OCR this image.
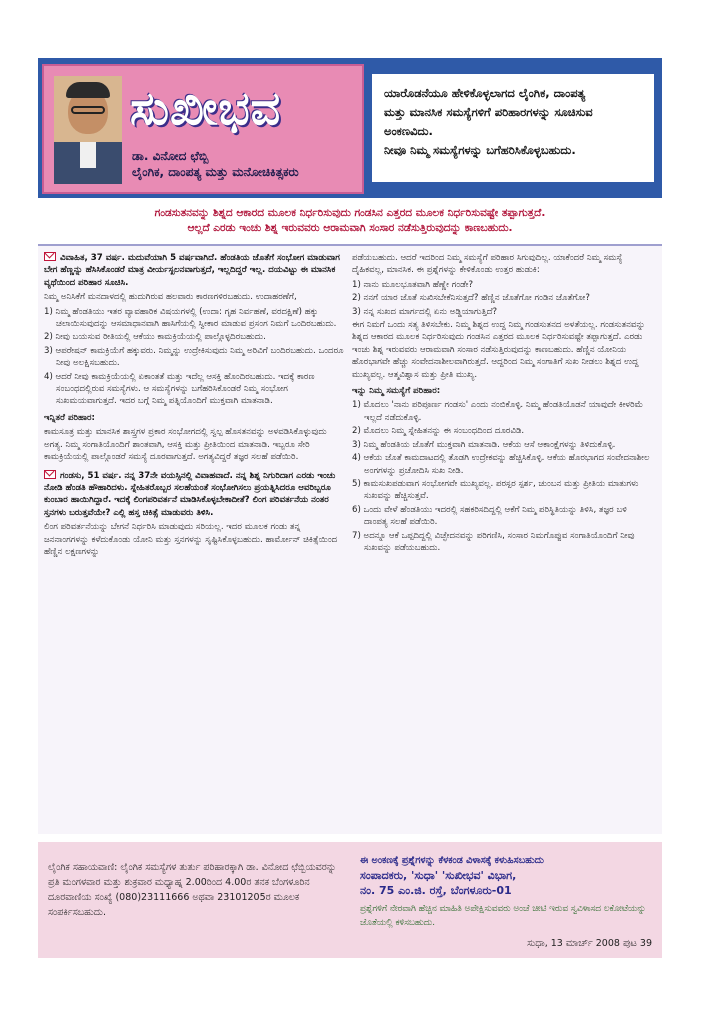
ಸುಖೀಭವ
ಡಾ. ವಿನೋದ ಛೆಬ್ಬಿ
ಲೈಂಗಿಕ, ದಾಂಪತ್ಯ ಮತ್ತು ಮನೋಚಿಕಿತ್ಸಕರು
ಯಾರೊಡನೆಯೂ ಹೇಳಿಕೊಳ್ಳಲಾಗದ ಲೈಂಗಿಕ, ದಾಂಪತ್ಯ
ಮತ್ತು ಮಾನಸಿಕ ಸಮಸ್ಯೆಗಳಿಗೆ ಪರಿಹಾರಗಳನ್ನು ಸೂಚಿಸುವ
ಅಂಕಣವಿದು.
ನೀವೂ ನಿಮ್ಮ ಸಮಸ್ಯೆಗಳನ್ನು ಬಗೆಹರಿಸಿಕೊಳ್ಳಬಹುದು.
ಗಂಡಸುತನವನ್ನು ಶಿಶ್ನದ ಆಕಾರದ ಮೂಲಕ ನಿರ್ಧರಿಸುವುದು ಗಂಡಸಿನ ಎತ್ತರದ ಮೂಲಕ ನಿರ್ಧರಿಸುವಷ್ಟೇ ತಪ್ಪಾಗುತ್ತದೆ.
ಆಲ್ಲದೆ ಎರಡು ಇಂಚು ಶಿಶ್ನ ಇರುವವರು ಆರಾಮವಾಗಿ ಸಂಸಾರ ನಡೆಸುತ್ತಿರುವುದನ್ನು ಕಾಣಬಹುದು.
ವಿವಾಹಿತ, 37 ವರ್ಷ. ಮದುವೆಯಾಗಿ 5 ವರ್ಷವಾಗಿದೆ. ಹೆಂಡತಿಯ ಜೊತೆಗೆ ಸಂಭೋಗ ಮಾಡುವಾಗ ಬೇಗ ಹೆಣ್ಣನ್ನು ಹೆಸಿಸಿಕೊಂಡರೆ ಮಾತ್ರ ವೀರ್ಯಸ್ಖಲನವಾಗುತ್ತದೆ, ಇಲ್ಲದಿದ್ದರೆ ಇಲ್ಲ. ದಯವಿಟ್ಟು ಈ ಮಾನಸಿಕ ವ್ಯಥೆಯಿಂದ ಪರಿಹಾರ ಸೂಚಿಸಿ.
ನಿಮ್ಮ ಅನಿಸಿಕೆಗೆ ಮನದಾಳದಲ್ಲಿ ಹುದುಗಿರುವ ಹಲವಾರು ಕಾರಣಗಳಿರಬಹುದು. ಉದಾಹರಣೆಗೆ,
1) ನಿಮ್ಮ ಹೆಂಡತಿಯು ಇತರ ವ್ಯಾವಹಾರಿಕ ವಿಷಯಗಳಲ್ಲಿ (ಉದಾ: ಗೃಹ ನಿರ್ವಹಣೆ, ವರದಕ್ಷಿಣೆ) ಹಕ್ಕು ಚಲಾಯಿಸುವುದನ್ನು ಆಸಮಾಧಾನವಾಗಿ ಹಾಸಿಗೆಯಲ್ಲಿ ಸ್ವೀಕಾರ ಮಾಡುವ ಪ್ರಸಂಗ ನಿಮಗೆ ಒಂದಿರಬಹುದು.
2) ನೀವು ಬಯಸುವ ರೀತಿಯಲ್ಲಿ ಆಕೆಯು ಕಾಮಕ್ರಿಯೆಯಲ್ಲಿ ಪಾಲ್ಗೊಳ್ಳದಿರಬಹುದು.
3) ಆಪರೇಷನ್ ಕಾಮಕ್ರಿಯೆಗೆ ಹಕ್ಕುವರು. ನಿಮ್ಮನ್ನು ಉದ್ರೇಕಿಸುವುದು ನಿಮ್ಮ ಅರಿವಿಗೆ ಬಂದಿರಬಹುದು. ಒಂದರೂ ನೀವು ಅಲಕ್ಷಿಸಬಹುದು.
4) ಆದರೆ ನೀವು ಕಾಮಕ್ರಿಯೆಯಲ್ಲಿ ಏಕಾಂತತೆ ಮತ್ತು ಇದೆಲ್ಲ ಆಸಕ್ತಿ ಹೊಂದಿರಬಹುದು. ಇದಕ್ಕೆ ಕಾರಣ ಸಂಬಂಧದಲ್ಲಿರುವ ಸಮಸ್ಯೆಗಳು. ಆ ಸಮಸ್ಯೆಗಳನ್ನು ಬಗೆಹರಿಸಿಕೊಂಡರೆ ನಿಮ್ಮ ಸಂಭೋಗ ಸುಖಮಯವಾಗುತ್ತದೆ. ಇದರ ಬಗ್ಗೆ ನಿಮ್ಮ ಪತ್ನಿಯೊಂದಿಗೆ ಮುಕ್ತವಾಗಿ ಮಾತನಾಡಿ.
ಇನ್ನಿತರೆ ಪರಿಹಾರ:
ಕಾಮಸೂತ್ರ ಮತ್ತು ಮಾನಸಿಕ ಶಾಸ್ತ್ರಗಳ ಪ್ರಕಾರ ಸಂಭೋಗದಲ್ಲಿ ಸ್ವಲ್ಪ ಹೊಸತನವನ್ನು ಅಳವಡಿಸಿಕೊಳ್ಳುವುದು ಅಗತ್ಯ. ನಿಮ್ಮ ಸಂಗಾತಿಯೊಂದಿಗೆ ಶಾಂತವಾಗಿ, ಆಸಕ್ತಿ ಮತ್ತು ಪ್ರೀತಿಯಿಂದ ಮಾತನಾಡಿ. ಇಬ್ಬರೂ ಸೇರಿ ಕಾಮಕ್ರಿಯೆಯಲ್ಲಿ ಪಾಲ್ಗೊಂಡರೆ ಸಮಸ್ಯೆ ದೂರವಾಗುತ್ತದೆ. ಅಗತ್ಯವಿದ್ದರೆ ತಜ್ಞರ ಸಲಹೆ ಪಡೆಯಿರಿ.
ಗಂಡಸು, 51 ವರ್ಷ. ನನ್ನ 37ನೇ ವಯಸ್ಸಿನಲ್ಲಿ ವಿವಾಹವಾದೆ. ನನ್ನ ಶಿಶ್ನ ನಿಗುರಿದಾಗ ಎರಡು ಇಂಚು ನೋಡಿ ಹೆಂಡತಿ ಹೌಹಾರಿದಳು. ಸ್ನೇಹಿತರೊಬ್ಬರ ಸಲಹೆಯಂತೆ ಸಂಭೋಗಿಸಲು ಪ್ರಯತ್ನಿಸಿದರೂ ಆವರಿಬ್ಬರೂ ಕುಂಬಾರ ಹಾಯಿಗಿದ್ದಾರೆ. ಇದಕ್ಕೆ ಲಿಂಗಪರಿವರ್ತನೆ ಮಾಡಿಸಿಕೊಳ್ಳಬೇಕಾದೀತೆ? ಲಿಂಗ ಪರಿವರ್ತನೆಯ ನಂತರ ಸ್ತನಗಳು ಬರುತ್ತವೆಯೇ? ಎಲ್ಲಿ ಹಸ್ತ ಚಿಕಿತ್ಸೆ ಮಾಡುವರು ತಿಳಿಸಿ.
ಲಿಂಗ ಪರಿವರ್ತನೆಯನ್ನು ಬೇಗನೆ ನಿರ್ಧರಿಸಿ ಮಾಡುವುದು ಸರಿಯಲ್ಲ. ಇದರ ಮೂಲಕ ಗಂಡು ತನ್ನ ಜನನಾಂಗಗಳನ್ನು ಕಳೆದುಕೊಂಡು ಯೋನಿ ಮತ್ತು ಸ್ತನಗಳನ್ನು ಸೃಷ್ಟಿಸಿಕೊಳ್ಳಬಹುದು. ಹಾರ್ಮೋನ್ ಚಿಕಿತ್ಸೆಯಿಂದ ಹೆಣ್ಣಿನ ಲಕ್ಷಣಗಳನ್ನು
ಪಡೆಯಬಹುದು. ಆದರೆ ಇದರಿಂದ ನಿಮ್ಮ ಸಮಸ್ಯೆಗೆ ಪರಿಹಾರ ಸಿಗುವುದಿಲ್ಲ. ಯಾಕೆಂದರೆ ನಿಮ್ಮ ಸಮಸ್ಯೆ ದೈಹಿಕವಲ್ಲ, ಮಾನಸಿಕ. ಈ ಪ್ರಶ್ನೆಗಳನ್ನು ಕೇಳಿಕೊಂಡು ಉತ್ತರ ಹುಡುಕಿ:
1) ನಾನು ಮೂಲಭೂತವಾಗಿ ಹೆಣ್ಣೇ ಗಂಡೇ?
2) ನನಗೆ ಯಾರ ಜೊತೆ ಸುಖಿಸಬೇಕೆನಿಸುತ್ತದೆ? ಹೆಣ್ಣಿನ ಜೊತೆಗೋ ಗಂಡಿನ ಜೊತೆಗೋ?
3) ನನ್ನ ಸುಖದ ಮಾರ್ಗದಲ್ಲಿ ಏನು ಅಡ್ಡಿಯಾಗುತ್ತಿದೆ?
ಈಗ ನಿಮಗೆ ಒಂದು ಸತ್ಯ ತಿಳಿಸಬೇಕು. ನಿಮ್ಮ ಶಿಶ್ನದ ಉದ್ದ ನಿಮ್ಮ ಗಂಡಸುತನದ ಅಳತೆಯಲ್ಲ. ಗಂಡಸುತನವನ್ನು ಶಿಶ್ನದ ಆಕಾರದ ಮೂಲಕ ನಿರ್ಧರಿಸುವುದು ಗಂಡಸಿನ ಎತ್ತರದ ಮೂಲಕ ನಿರ್ಧರಿಸುವಷ್ಟೇ ತಪ್ಪಾಗುತ್ತದೆ. ಎರಡು ಇಂಚು ಶಿಶ್ನ ಇರುವವರು ಆರಾಮವಾಗಿ ಸಂಸಾರ ನಡೆಸುತ್ತಿರುವುದನ್ನು ಕಾಣಬಹುದು. ಹೆಣ್ಣಿನ ಯೋನಿಯ ಹೊರಭಾಗವೇ ಹೆಚ್ಚು ಸಂವೇದನಾಶೀಲವಾಗಿರುತ್ತದೆ. ಆದ್ದರಿಂದ ನಿಮ್ಮ ಸಂಗಾತಿಗೆ ಸುಖ ನೀಡಲು ಶಿಶ್ನದ ಉದ್ದ ಮುಖ್ಯವಲ್ಲ. ಆತ್ಮವಿಶ್ವಾಸ ಮತ್ತು ಪ್ರೀತಿ ಮುಖ್ಯ.
ಇನ್ನು ನಿಮ್ಮ ಸಮಸ್ಯೆಗೆ ಪರಿಹಾರ:
1) ಮೊದಲು 'ನಾನು ಪರಿಪೂರ್ಣ ಗಂಡಸು' ಎಂದು ನಂಬಿಕೊಳ್ಳಿ. ನಿಮ್ಮ ಹೆಂಡತಿಯೊಡನೆ ಯಾವುದೇ ಕೀಳರಿಮೆ ಇಲ್ಲದೆ ನಡೆದುಕೊಳ್ಳಿ.
2) ಮೊದಲು ನಿಮ್ಮ ಸ್ನೇಹಿತನನ್ನು ಈ ಸಂಬಂಧದಿಂದ ದೂರವಿಡಿ.
3) ನಿಮ್ಮ ಹೆಂಡತಿಯ ಜೊತೆಗೆ ಮುಕ್ತವಾಗಿ ಮಾತನಾಡಿ. ಆಕೆಯ ಆಸೆ ಆಕಾಂಕ್ಷೆಗಳನ್ನು ತಿಳಿದುಕೊಳ್ಳಿ.
4) ಆಕೆಯ ಜೊತೆ ಕಾಮದಾಟದಲ್ಲಿ ತೊಡಗಿ ಉದ್ರೇಕವನ್ನು ಹೆಚ್ಚಿಸಿಕೊಳ್ಳಿ. ಆಕೆಯ ಹೊರಭಾಗದ ಸಂವೇದನಾಶೀಲ ಅಂಗಗಳನ್ನು ಪ್ರಚೋದಿಸಿ ಸುಖ ನೀಡಿ.
5) ಕಾಮಸುಖಪಡುವಾಗ ಸಂಭೋಗವೇ ಮುಖ್ಯವಲ್ಲ. ಪರಸ್ಪರ ಸ್ಪರ್ಶ, ಚುಂಬನ ಮತ್ತು ಪ್ರೀತಿಯ ಮಾತುಗಳು ಸುಖವನ್ನು ಹೆಚ್ಚಿಸುತ್ತವೆ.
6) ಒಂದು ವೇಳೆ ಹೆಂಡತಿಯು ಇದರಲ್ಲಿ ಸಹಕರಿಸದಿದ್ದಲ್ಲಿ ಆಕೆಗೆ ನಿಮ್ಮ ಪರಿಸ್ಥಿತಿಯನ್ನು ತಿಳಿಸಿ, ತಜ್ಞರ ಬಳಿ ದಾಂಪತ್ಯ ಸಲಹೆ ಪಡೆಯಿರಿ.
7) ಅದನ್ನೂ ಆಕೆ ಒಪ್ಪದಿದ್ದಲ್ಲಿ ವಿಚ್ಛೇದನವನ್ನು ಪರಿಗಣಿಸಿ, ಸಂಸಾರ ನಿಮಗೊಪ್ಪುವ ಸಂಗಾತಿಯೊಂದಿಗೆ ನೀವು ಸುಖವನ್ನು ಪಡೆಯಬಹುದು.
ಲೈಂಗಿಕ ಸಹಾಯವಾಣಿ: ಲೈಂಗಿಕ ಸಮಸ್ಯೆಗಳ ತುರ್ತು ಪರಿಹಾರಕ್ಕಾಗಿ ಡಾ. ವಿನೋದ ಛೆಬ್ಬಿಯವರನ್ನು ಪ್ರತಿ ಮಂಗಳವಾರ ಮತ್ತು ಶುಕ್ರವಾರ ಮಧ್ಯಾಹ್ನ 2.00ರಿಂದ 4.00ರ ತನಕ ಬೆಂಗಳೂರಿನ ದೂರವಾಣಿಯ ಸಂಖ್ಯೆ (080)23111666 ಅಥವಾ 23101205ರ ಮೂಲಕ ಸಂಪರ್ಕಿಸಬಹುದು.
ಈ ಅಂಕಣಕ್ಕೆ ಪ್ರಶ್ನೆಗಳನ್ನು ಕೆಳಕಂಡ ವಿಳಾಸಕ್ಕೆ ಕಳುಹಿಸಬಹುದು
ಸಂಪಾದಕರು, 'ಸುಧಾ' 'ಸುಖೀಭವ' ವಿಭಾಗ,
ನಂ. 75 ಎಂ.ಜಿ. ರಸ್ತೆ, ಬೆಂಗಳೂರು-01
ಪ್ರಶ್ನೆಗಳಿಗೆ ನೇರವಾಗಿ ಹೆಚ್ಚಿನ ಮಾಹಿತಿ ಅಪೇಕ್ಷಿಸುವವರು ಅಂಚೆ ಚೀಟಿ ಇರುವ ಸ್ವವಿಳಾಸದ ಲಕೋಟೆಯನ್ನು ಜೊತೆಯಲ್ಲಿ ಕಳಿಸಬಹುದು.
ಸುಧಾ, 13 ಮಾರ್ಚ್ 2008 ಪುಟ 39
